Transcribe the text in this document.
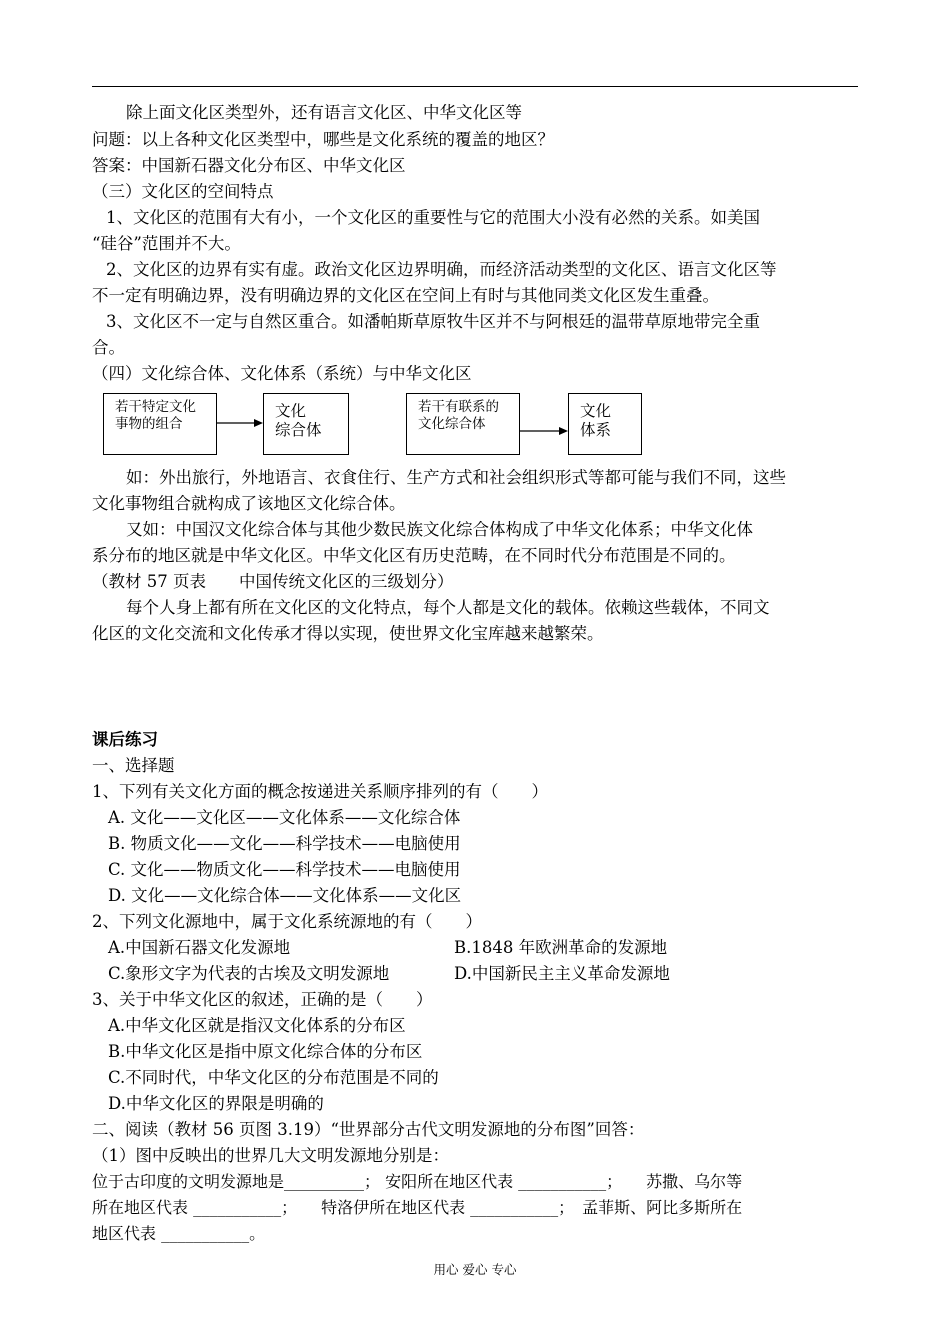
除上面文化区类型外，还有语言文化区、中华文化区等
问题：以上各种文化区类型中，哪些是文化系统的覆盖的地区？
答案：中国新石器文化分布区、中华文化区
（三）文化区的空间特点
1、文化区的范围有大有小，一个文化区的重要性与它的范围大小没有必然的关系。如美国
“硅谷”范围并不大。
2、文化区的边界有实有虚。政治文化区边界明确，而经济活动类型的文化区、语言文化区等
不一定有明确边界，没有明确边界的文化区在空间上有时与其他同类文化区发生重叠。
3、文化区不一定与自然区重合。如潘帕斯草原牧牛区并不与阿根廷的温带草原地带完全重
合。
（四）文化综合体、文化体系（系统）与中华文化区
若干特定文化
事物的组合
文化
综合体
若干有联系的
文化综合体
文化
体系
如：外出旅行，外地语言、衣食住行、生产方式和社会组织形式等都可能与我们不同，这些
文化事物组合就构成了该地区文化综合体。
又如：中国汉文化综合体与其他少数民族文化综合体构成了中华文化体系；中华文化体
系分布的地区就是中华文化区。中华文化区有历史范畴，在不同时代分布范围是不同的。
（教材 57 页表　　中国传统文化区的三级划分）
每个人身上都有所在文化区的文化特点，每个人都是文化的载体。依赖这些载体，不同文
化区的文化交流和文化传承才得以实现，使世界文化宝库越来越繁荣。
课后练习
一、选择题
1、下列有关文化方面的概念按递进关系顺序排列的有（　　）
A. 文化——文化区——文化体系——文化综合体
B. 物质文化——文化——科学技术——电脑使用
C. 文化——物质文化——科学技术——电脑使用
D. 文化——文化综合体——文化体系——文化区
2、下列文化源地中，属于文化系统源地的有（　　）
A.中国新石器文化发源地	B.1848 年欧洲革命的发源地
C.象形文字为代表的古埃及文明发源地	D.中国新民主主义革命发源地
3、关于中华文化区的叙述，正确的是（　　）
A.中华文化区就是指汉文化体系的分布区
B.中华文化区是指中原文化综合体的分布区
C.不同时代，中华文化区的分布范围是不同的
D.中华文化区的界限是明确的
二、阅读（教材 56 页图 3.19）“世界部分古代文明发源地的分布图”回答：
（1）图中反映出的世界几大文明发源地分别是：
位于古印度的文明发源地是__________； 安阳所在地区代表 ___________；　　苏撒、乌尔等
所在地区代表 ___________；　　特洛伊所在地区代表 ___________；　孟菲斯、阿比多斯所在
地区代表 ___________。
用心 爱心 专心
